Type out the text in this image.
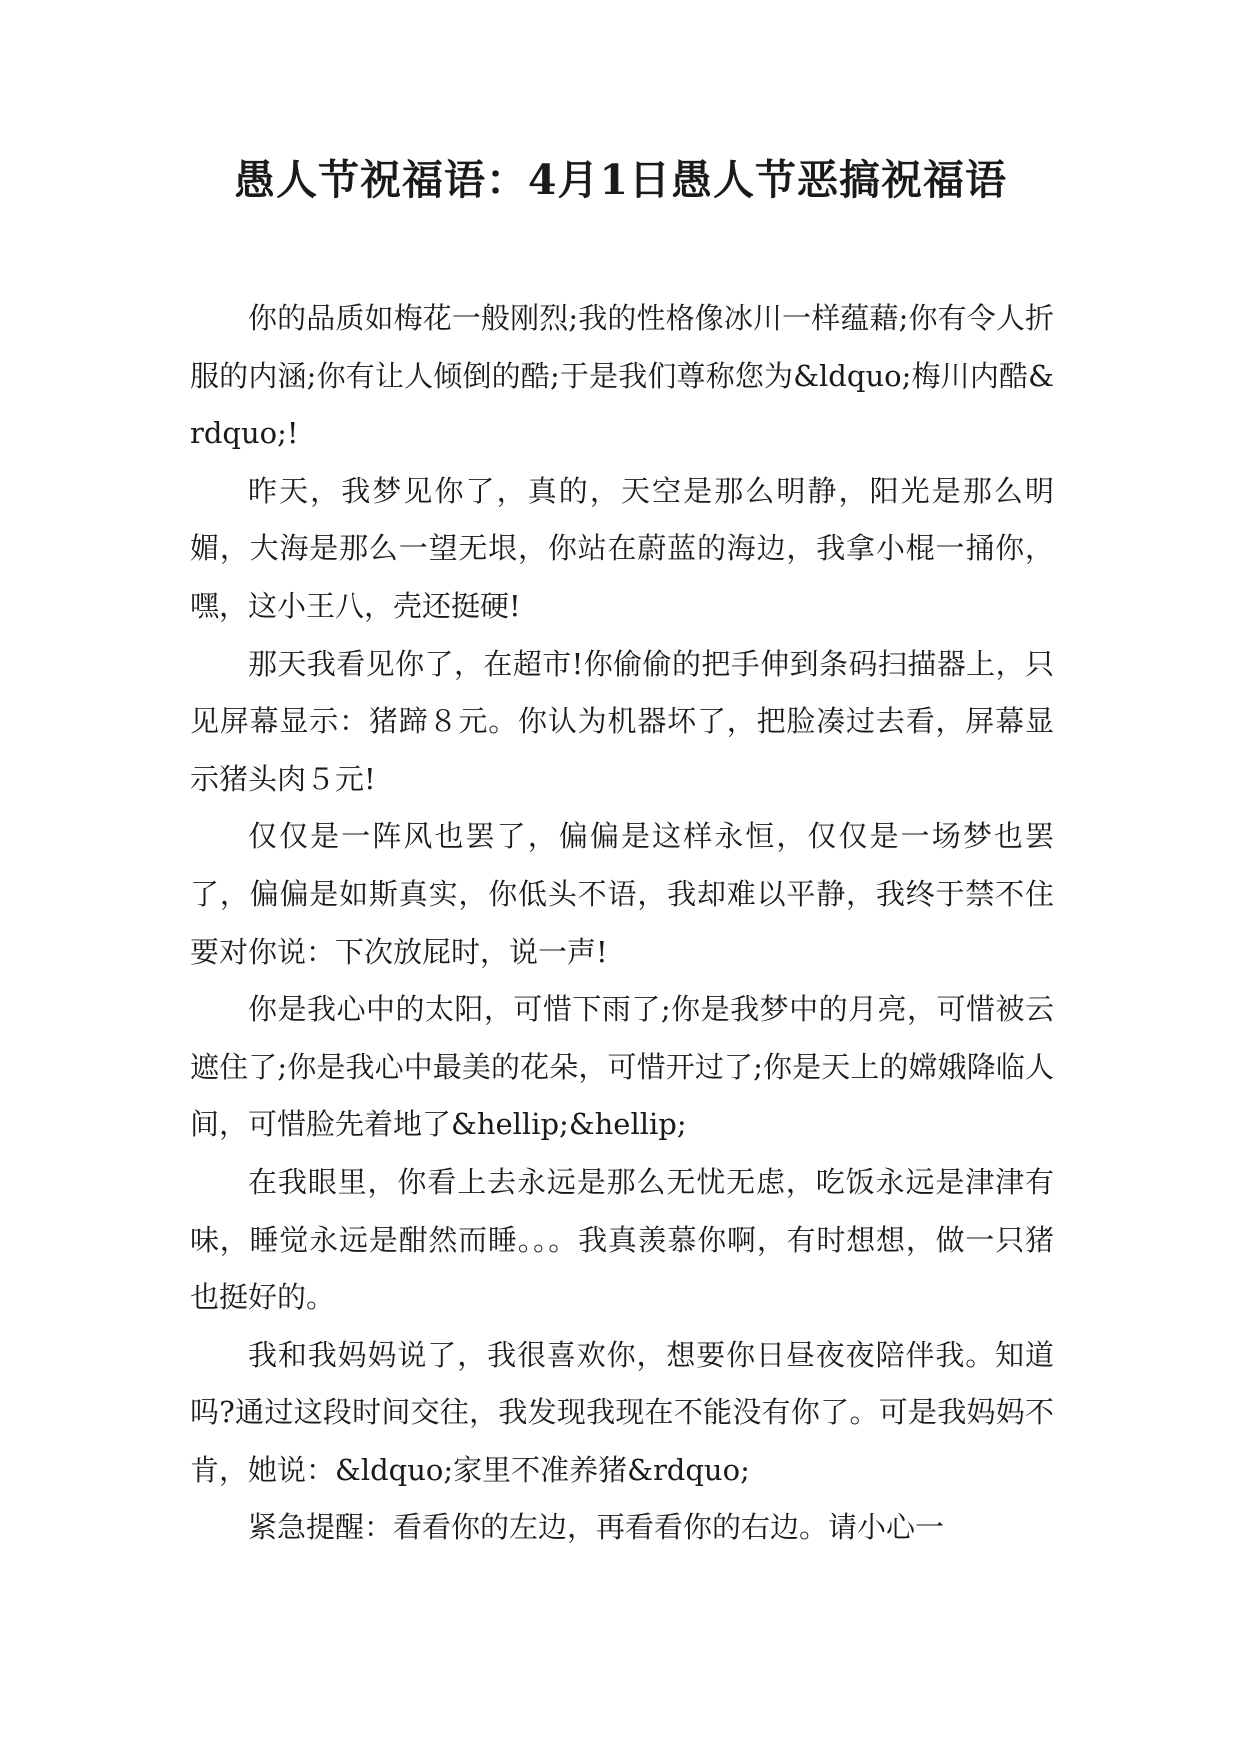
愚人节祝福语：4月1日愚人节恶搞祝福语

你的品质如梅花一般刚烈;我的性格像冰川一样蕴藉;你有令人折服的内涵;你有让人倾倒的酷;于是我们尊称您为&ldquo;梅川内酷&rdquo;!

昨天，我梦见你了，真的，天空是那么明静，阳光是那么明媚，大海是那么一望无垠，你站在蔚蓝的海边，我拿小棍一捅你，嘿，这小王八，壳还挺硬!

那天我看见你了，在超市!你偷偷的把手伸到条码扫描器上，只见屏幕显示：猪蹄８元。你认为机器坏了，把脸凑过去看，屏幕显示猪头肉５元!

仅仅是一阵风也罢了，偏偏是这样永恒，仅仅是一场梦也罢了，偏偏是如斯真实，你低头不语，我却难以平静，我终于禁不住要对你说：下次放屁时，说一声!

你是我心中的太阳，可惜下雨了;你是我梦中的月亮，可惜被云遮住了;你是我心中最美的花朵，可惜开过了;你是天上的嫦娥降临人间，可惜脸先着地了&hellip;&hellip;

在我眼里，你看上去永远是那么无忧无虑，吃饭永远是津津有味，睡觉永远是酣然而睡。。。我真羡慕你啊，有时想想，做一只猪也挺好的。

我和我妈妈说了，我很喜欢你，想要你日昼夜夜陪伴我。知道吗?通过这段时间交往，我发现我现在不能没有你了。可是我妈妈不肯，她说：&ldquo;家里不准养猪&rdquo;

紧急提醒：看看你的左边，再看看你的右边。请小心一
